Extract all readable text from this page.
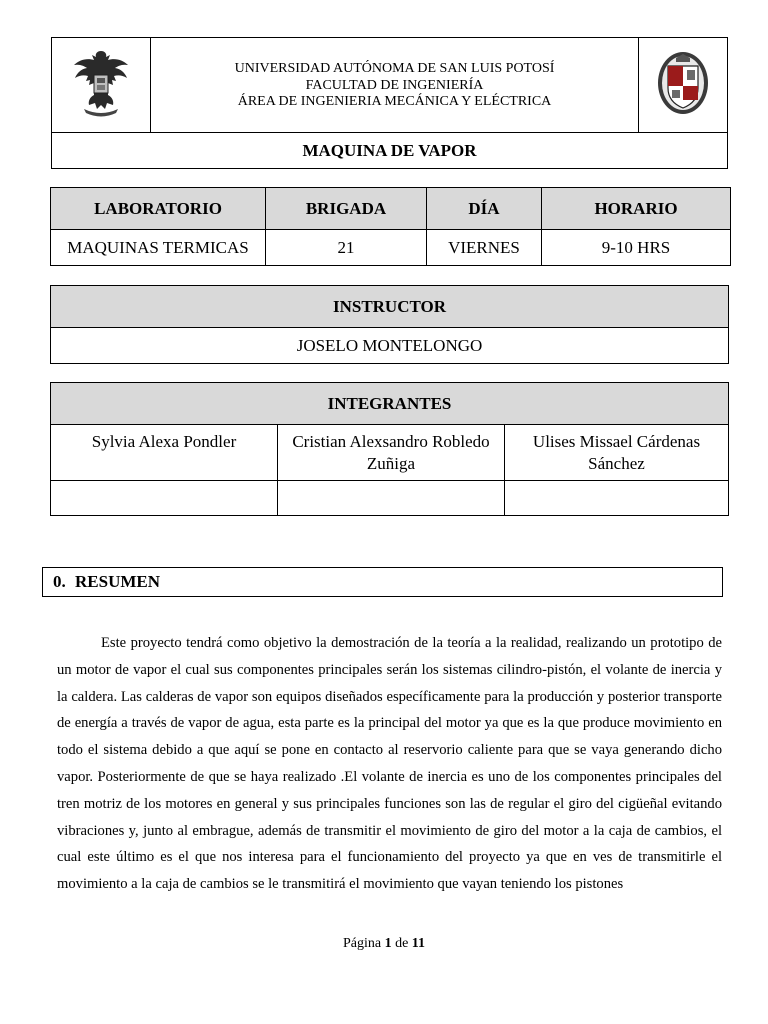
UNIVERSIDAD AUTÓNOMA DE SAN LUIS POTOSÍ
FACULTAD DE INGENIERÍA
ÁREA DE INGENIERIA MECÁNICA Y ELÉCTRICA

MAQUINA DE VAPOR
LABORATORIO	BRIGADA	DÍA	HORARIO
MAQUINAS TERMICAS	21	VIERNES	9-10 HRS
INSTRUCTOR
JOSELO MONTELONGO
INTEGRANTES		
Sylvia Alexa Pondler	Cristian Alexsandro Robledo Zuñiga	Ulises Missael Cárdenas Sánchez

0. RESUMEN

Este proyecto tendrá como objetivo la demostración de la teoría a la realidad, realizando un prototipo de un motor de vapor el cual sus componentes principales serán los sistemas cilindro-pistón, el volante de inercia y la caldera. Las calderas de vapor son equipos diseñados específicamente para la producción y posterior transporte de energía a través de vapor de agua, esta parte es la principal del motor ya que es la que produce movimiento en todo el sistema debido a que aquí se pone en contacto al reservorio caliente para que se vaya generando dicho vapor. Posteriormente de que se haya realizado .El volante de inercia es uno de los componentes principales del tren motriz de los motores en general y sus principales funciones son las de regular el giro del cigüeñal evitando vibraciones y, junto al embrague, además de transmitir el movimiento de giro del motor a la caja de cambios, el cual este último es el que nos interesa para el funcionamiento del proyecto ya que en ves de transmitirle el movimiento a la caja de cambios se le transmitirá el movimiento que vayan teniendo los pistones

Página 1 de 11
